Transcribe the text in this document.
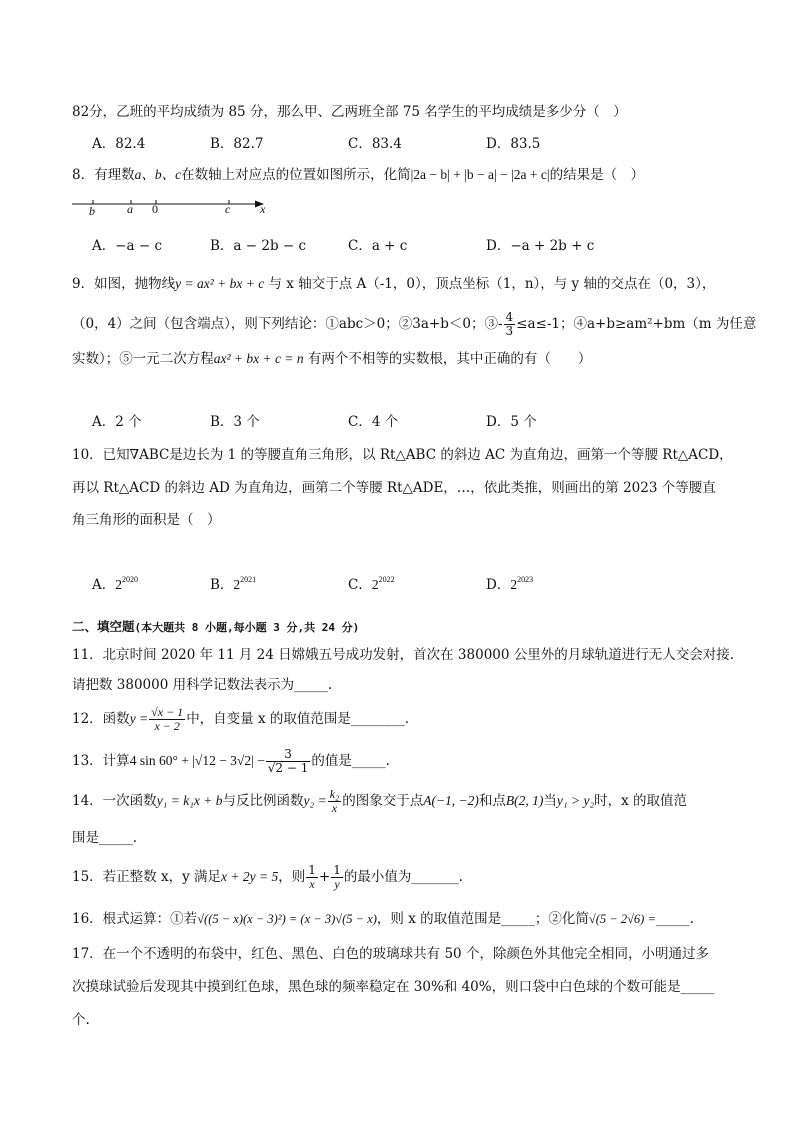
82分，乙班的平均成绩为 85 分，那么甲、乙两班全部 75 名学生的平均成绩是多少分（　）
A．82.4	B．82.7	C．83.4	D．83.5
8．有理数a、b、c在数轴上对应点的位置如图所示，化简|2a − b| + |b − a| − |2a + c|的结果是（　）
b	a 0	c x
A．−a − c	B．a − 2b − c	C．a + c	D．−a + 2b + c
9．如图，抛物线y = ax² + bx + c 与 x 轴交于点 A（-1，0），顶点坐标（1，n），与 y 轴的交点在（0，3），
（0，4）之间（包含端点），则下列结论：①abc＞0；②3a+b＜0；③- $\frac{4}{3} \le a\le-1$；④a+b≥am²+bm（m 为任意
实数）；⑤一元二次方程ax² + bx + c = n 有两个不相等的实数根，其中正确的有（　　）
A．2 个	B．3 个	C．4 个	D．5 个
10．已知∇ABC是边长为 1 的等腰直角三角形，以 Rt△ABC 的斜边 AC 为直角边，画第一个等腰 Rt△ACD，
再以 Rt△ACD 的斜边 AD 为直角边，画第二个等腰 Rt△ADE，…，依此类推，则画出的第 2023 个等腰直
角三角形的面积是（　）
A．$2^{2020}$	B．$2^{2021}$	C．$2^{2022}$	D．$2^{2023}$
二、填空题(本大题共 8 小题,每小题 3 分,共 24 分)
11．北京时间 2020 年 11 月 24 日嫦娥五号成功发射，首次在 380000 公里外的月球轨道进行无人交会对接.
请把数 380000 用科学记数法表示为_____.
12．函数$y = \frac{√x - 1}{x - 2}$ 中，自变量 x 的取值范围是________．
13．计算4 $\sin 60^\circ + |√12 - 3√2| - \frac{3}{√2 - 1}$ 的值是_____.
14．一次函数y₁ = k₁x + b与反比例函数$y_2 = \frac{\text{k₂}}{x}$ 的图象交于点A(−1, −2)和点B(2, 1)当y₁ > y₂时，x 的取值范
围是_____.
15．若正整数 x，y 满足x + 2y = 5，则 $\frac{1}{x} + \frac{1}{y}$ 的最小值为_______.
16．根式运算：①若√((5 − x)(x − 3)²) = (x − 3)√(5 − x)，则 x 的取值范围是_____；②化简√(5 − 2√6) =_____.
17．在一个不透明的布袋中，红色、黑色、白色的玻璃球共有 50 个，除颜色外其他完全相同，小明通过多
次摸球试验后发现其中摸到红色球，黑色球的频率稳定在 30%和 40%，则口袋中白色球的个数可能是_____
个.
